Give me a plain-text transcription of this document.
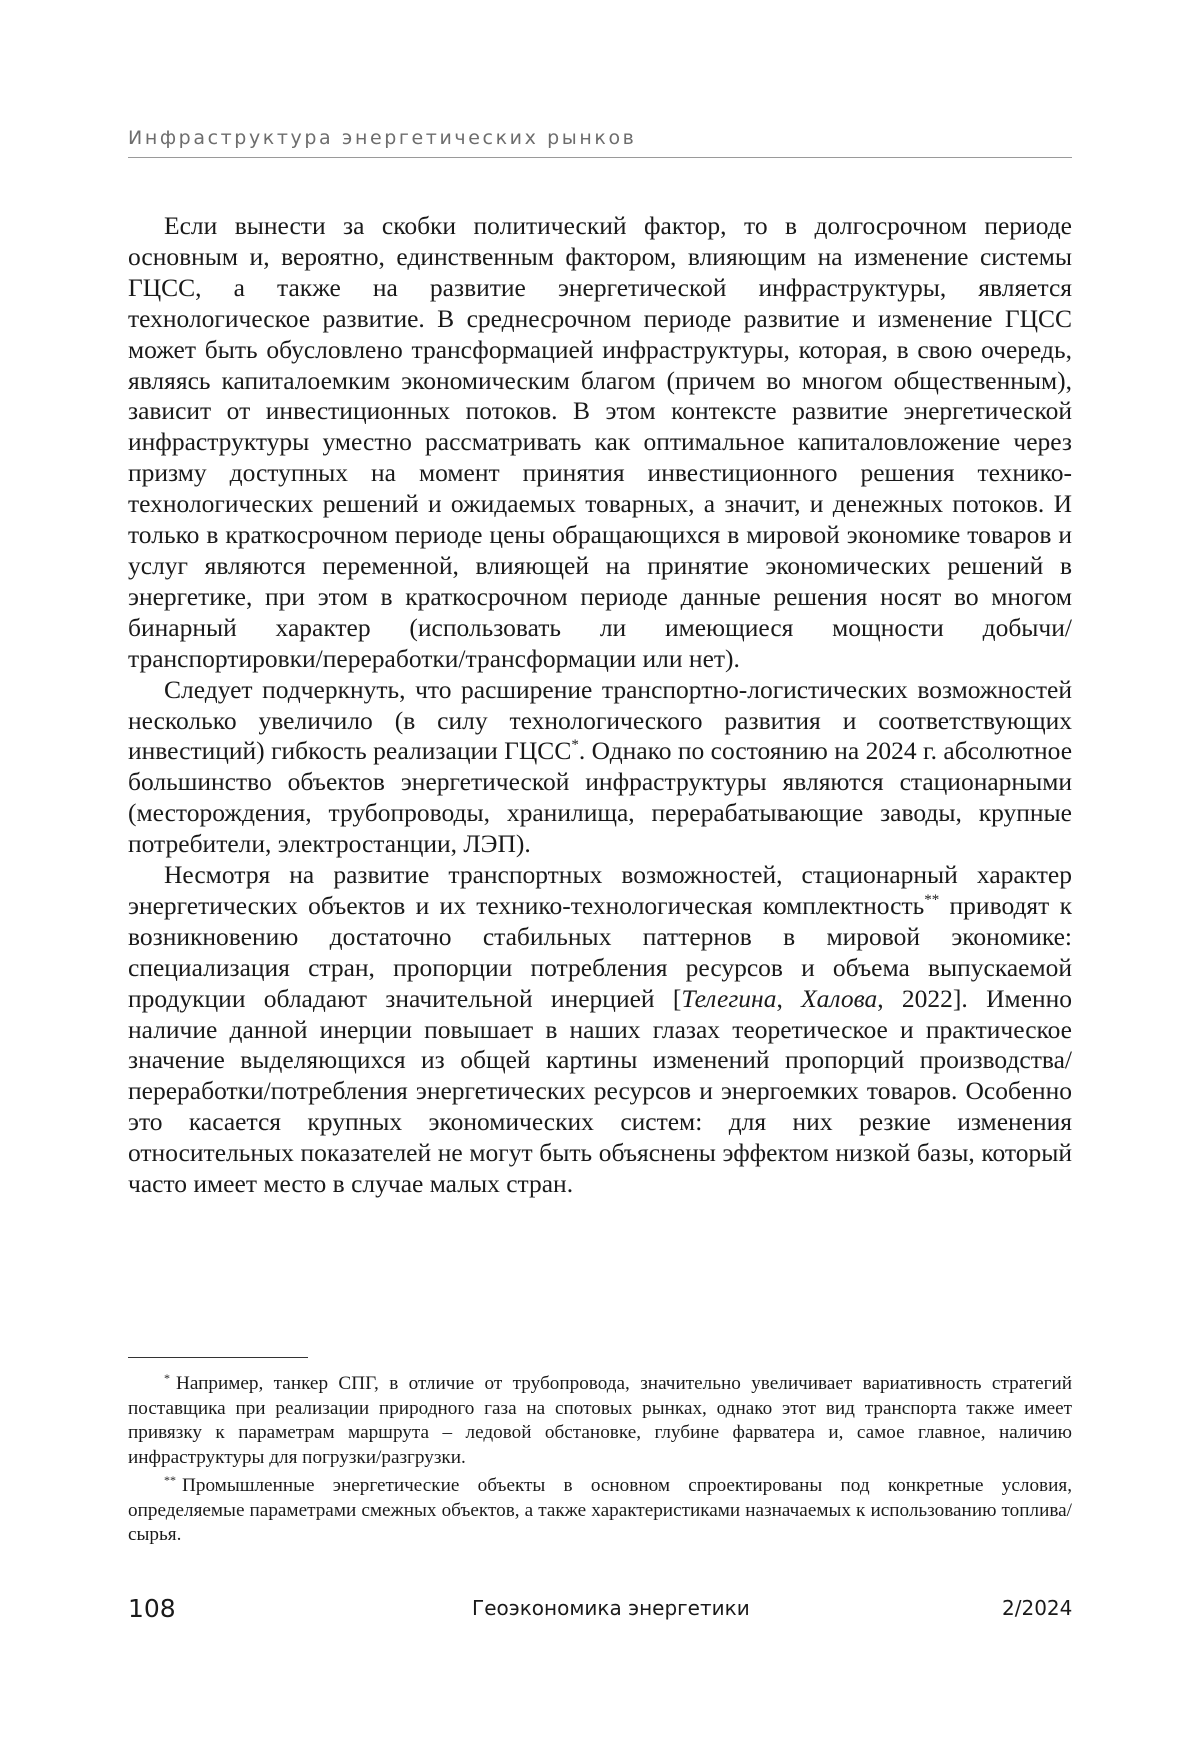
Инфраструктура энергетических рынков

Если вынести за скобки политический фактор, то в долгосрочном периоде основным и, вероятно, единственным фактором, влияющим на изменение системы ГЦСС, а также на развитие энергетической инфраструктуры, является технологическое развитие. В среднесрочном периоде развитие и изменение ГЦСС может быть обусловлено трансформацией инфраструктуры, которая, в свою очередь, являясь капиталоемким экономическим благом (причем во многом общественным), зависит от инвестиционных потоков. В этом контексте развитие энергетической инфраструктуры уместно рассматривать как оптимальное капиталовложение через призму доступных на момент принятия инвестиционного решения технико-технологических решений и ожидаемых товарных, а значит, и денежных потоков. И только в краткосрочном периоде цены обращающихся в мировой экономике товаров и услуг являются переменной, влияющей на принятие экономических решений в энергетике, при этом в краткосрочном периоде данные решения носят во многом бинарный характер (использовать ли имеющиеся мощности добычи/транспортировки/переработки/трансформации или нет).

Следует подчеркнуть, что расширение транспортно-логистических возможностей несколько увеличило (в силу технологического развития и соответствующих инвестиций) гибкость реализации ГЦСС*. Однако по состоянию на 2024 г. абсолютное большинство объектов энергетической инфраструктуры являются стационарными (месторождения, трубопроводы, хранилища, перерабатывающие заводы, крупные потребители, электростанции, ЛЭП).

Несмотря на развитие транспортных возможностей, стационарный характер энергетических объектов и их технико-технологическая комплектность** приводят к возникновению достаточно стабильных паттернов в мировой экономике: специализация стран, пропорции потребления ресурсов и объема выпускаемой продукции обладают значительной инерцией [Телегина, Халова, 2022]. Именно наличие данной инерции повышает в наших глазах теоретическое и практическое значение выделяющихся из общей картины изменений пропорций производства/переработки/потребления энергетических ресурсов и энергоемких товаров. Особенно это касается крупных экономических систем: для них резкие изменения относительных показателей не могут быть объяснены эффектом низкой базы, который часто имеет место в случае малых стран.

* Например, танкер СПГ, в отличие от трубопровода, значительно увеличивает вариативность стратегий поставщика при реализации природного газа на спотовых рынках, однако этот вид транспорта также имеет привязку к параметрам маршрута – ледовой обстановке, глубине фарватера и, самое главное, наличию инфраструктуры для погрузки/разгрузки.

** Промышленные энергетические объекты в основном спроектированы под конкретные условия, определяемые параметрами смежных объектов, а также характеристиками назначаемых к использованию топлива/сырья.

108	Геоэкономика энергетики	2/2024
